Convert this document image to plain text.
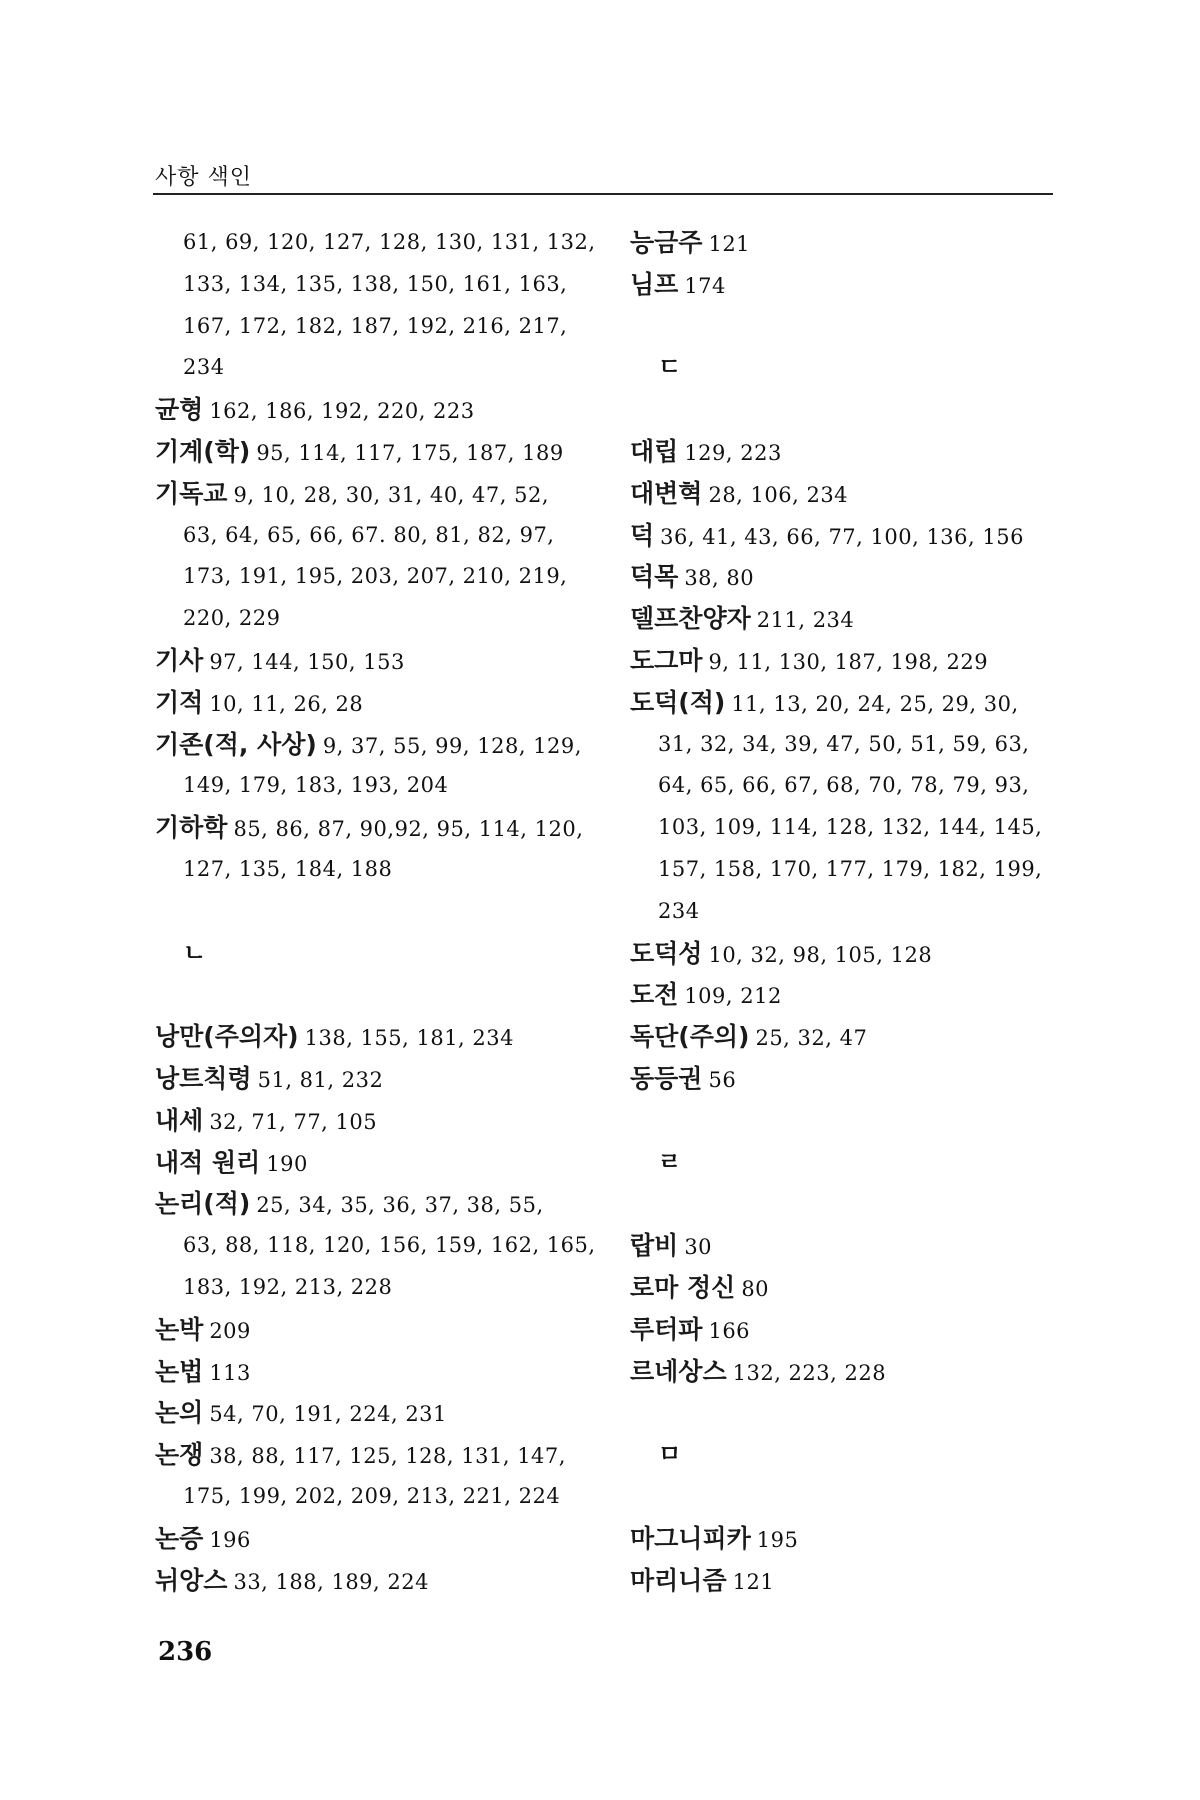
사항 색인
61, 69, 120, 127, 128, 130, 131, 132,
133, 134, 135, 138, 150, 161, 163,
167, 172, 182, 187, 192, 216, 217,
234
균형 162, 186, 192, 220, 223
기계(학) 95, 114, 117, 175, 187, 189
기독교 9, 10, 28, 30, 31, 40, 47, 52,
63, 64, 65, 66, 67. 80, 81, 82, 97,
173, 191, 195, 203, 207, 210, 219,
220, 229
기사 97, 144, 150, 153
기적 10, 11, 26, 28
기존(적, 사상) 9, 37, 55, 99, 128, 129,
149, 179, 183, 193, 204
기하학 85, 86, 87, 90,92, 95, 114, 120,
127, 135, 184, 188
ㄴ
낭만(주의자) 138, 155, 181, 234
낭트칙령 51, 81, 232
내세 32, 71, 77, 105
내적 원리 190
논리(적) 25, 34, 35, 36, 37, 38, 55,
63, 88, 118, 120, 156, 159, 162, 165,
183, 192, 213, 228
논박 209
논법 113
논의 54, 70, 191, 224, 231
논쟁 38, 88, 117, 125, 128, 131, 147,
175, 199, 202, 209, 213, 221, 224
논증 196
뉘앙스 33, 188, 189, 224
능금주 121
님프 174
ㄷ
대립 129, 223
대변혁 28, 106, 234
덕 36, 41, 43, 66, 77, 100, 136, 156
덕목 38, 80
델프찬양자 211, 234
도그마 9, 11, 130, 187, 198, 229
도덕(적) 11, 13, 20, 24, 25, 29, 30,
31, 32, 34, 39, 47, 50, 51, 59, 63,
64, 65, 66, 67, 68, 70, 78, 79, 93,
103, 109, 114, 128, 132, 144, 145,
157, 158, 170, 177, 179, 182, 199,
234
도덕성 10, 32, 98, 105, 128
도전 109, 212
독단(주의) 25, 32, 47
동등권 56
ㄹ
랍비 30
로마 정신 80
루터파 166
르네상스 132, 223, 228
ㅁ
마그니피카 195
마리니즘 121
236
